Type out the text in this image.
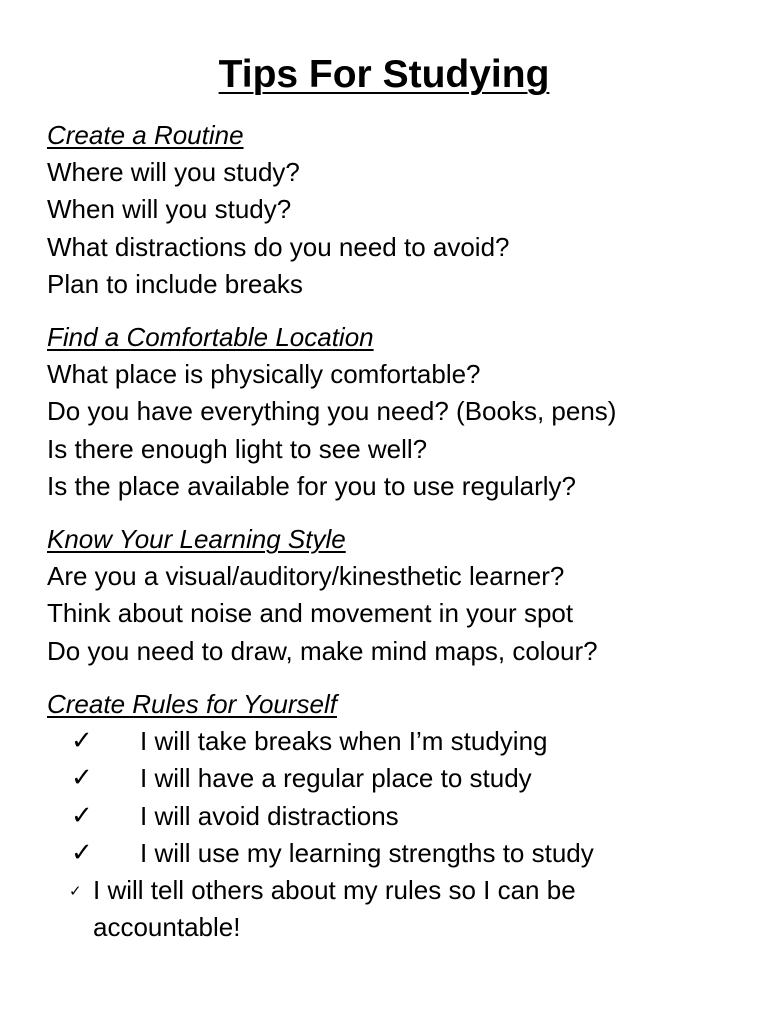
Tips For Studying
Create a Routine
Where will you study?
When will you study?
What distractions do you need to avoid?
Plan to include breaks
Find a Comfortable Location
What place is physically comfortable?
Do you have everything you need? (Books, pens)
Is there enough light to see well?
Is the place available for you to use regularly?
Know Your Learning Style
Are you a visual/auditory/kinesthetic learner?
Think about noise and movement in your spot
Do you need to draw, make mind maps, colour?
Create Rules for Yourself
✓ I will take breaks when I’m studying
✓ I will have a regular place to study
✓ I will avoid distractions
✓ I will use my learning strengths to study
✓ I will tell others about my rules so I can be
accountable!
